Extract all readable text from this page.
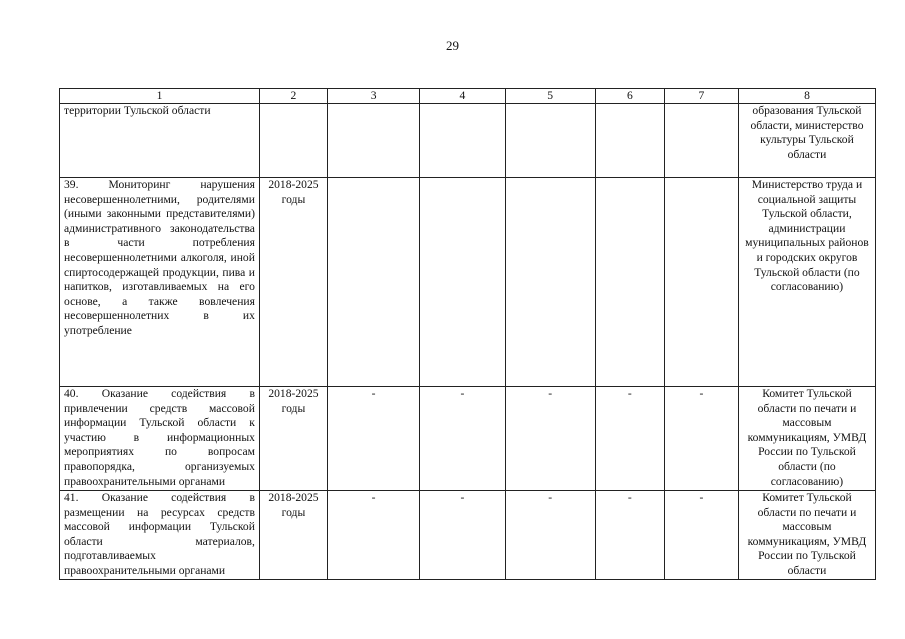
29
1	2	3	4	5	6	7	8
территории Тульской области							образования Тульской области, министерство культуры Тульской области
39. Мониторинг нарушения несовершеннолетними, родителями (иными законными представителями) административного законодательства в части потребления несовершеннолетними алкоголя, иной спиртосодержащей продукции, пива и напитков, изготавливаемых на его основе, а также вовлечения несовершеннолетних в их употребление	2018-2025 годы						Министерство труда и социальной защиты Тульской области, администрации муниципальных районов и городских округов Тульской области (по согласованию)
40. Оказание содействия в привлечении средств массовой информации Тульской области к участию в информационных мероприятиях по вопросам правопорядка, организуемых правоохранительными органами	2018-2025 годы	-	-	-	-	-	Комитет Тульской области по печати и массовым коммуникациям, УМВД России по Тульской области (по согласованию)
41. Оказание содействия в размещении на ресурсах средств массовой информации Тульской области материалов, подготавливаемых правоохранительными органами	2018-2025 годы	-	-	-	-	-	Комитет Тульской области по печати и массовым коммуникациям, УМВД России по Тульской области
